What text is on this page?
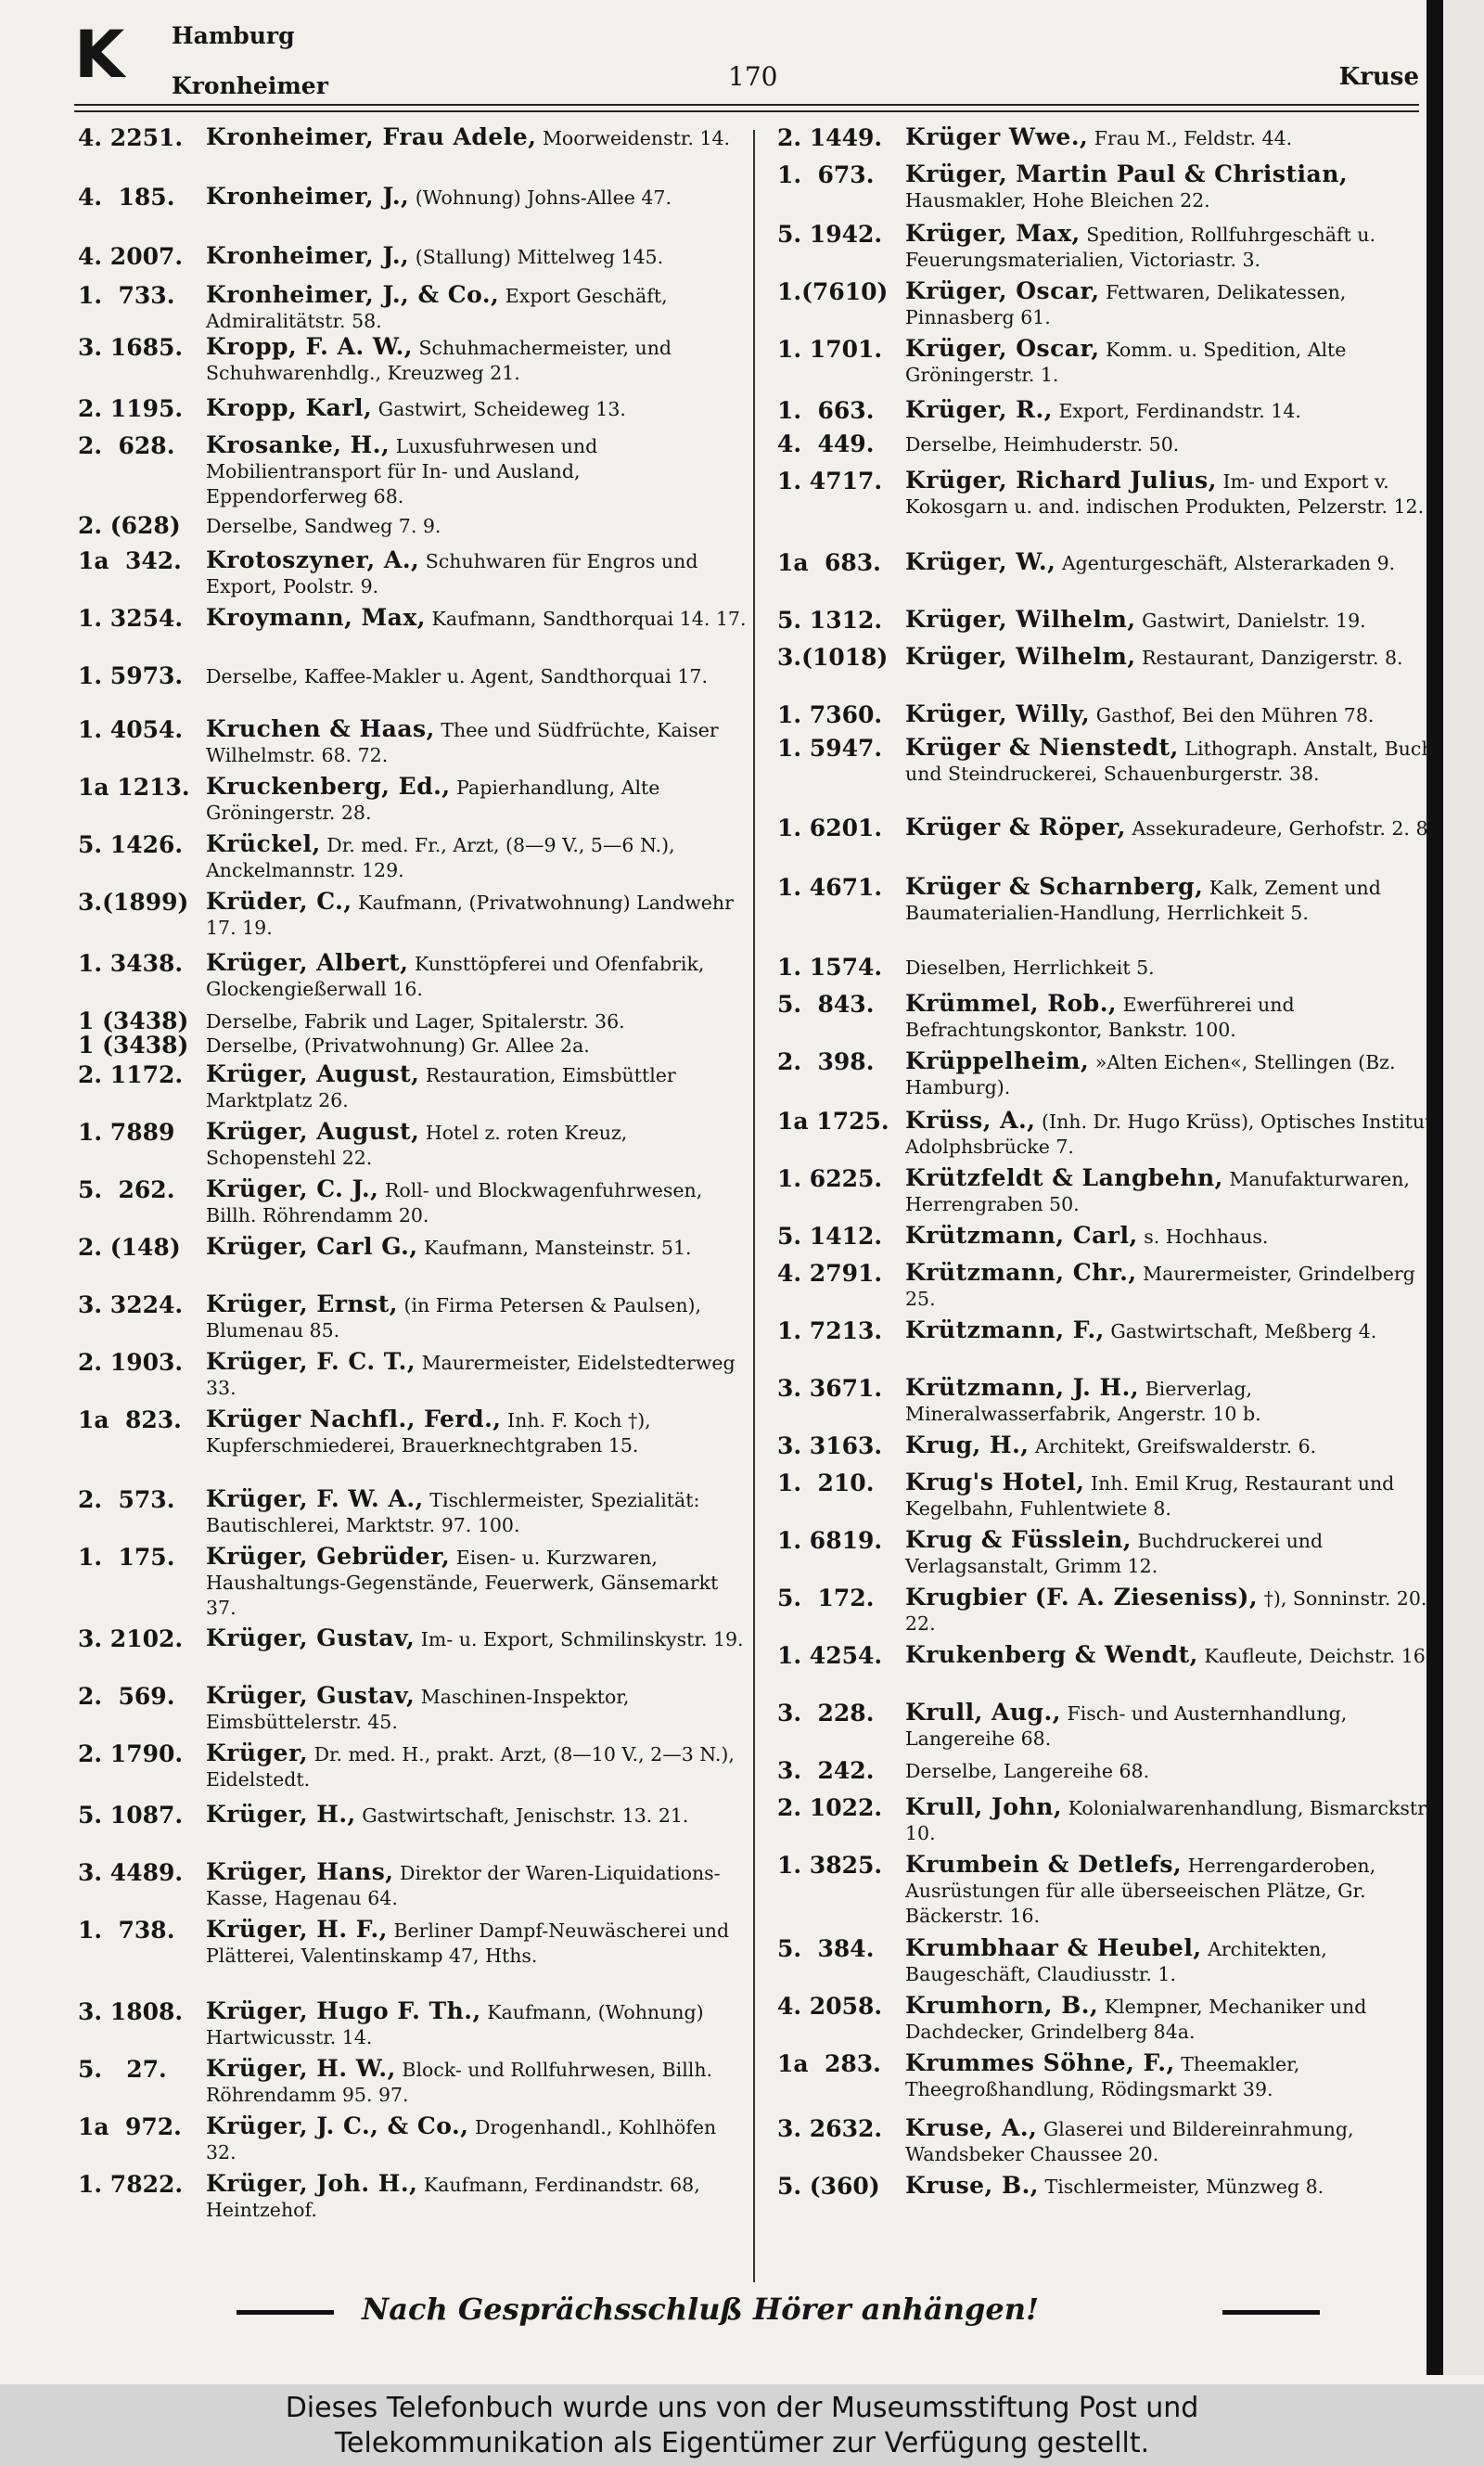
K Hamburg
Kronheimer	170	Kruse
4. 2251. Kronheimer, Frau Adele, Moorweidenstr. 14.
4.  185. Kronheimer, J., (Wohnung) Johns-Allee 47.
4. 2007. Kronheimer, J., (Stallung) Mittelweg 145.
1.  733. Kronheimer, J., & Co., Export Geschäft, Admiralitätstr. 58.
3. 1685. Kropp, F. A. W., Schuhmachermeister, und Schuhwarenhdlg., Kreuzweg 21.
2. 1195. Kropp, Karl, Gastwirt, Scheideweg 13.
2.  628. Krosanke, H., Luxusfuhrwesen und Mobilientransport für In- und Ausland, Eppendorferweg 68.
2. (628) Derselbe, Sandweg 7. 9.
1a  342. Krotoszyner, A., Schuhwaren für Engros und Export, Poolstr. 9.
1. 3254. Kroymann, Max, Kaufmann, Sandthorquai 14. 17.
1. 5973. Derselbe, Kaffee-Makler u. Agent, Sandthorquai 17.
1. 4054. Kruchen & Haas, Thee und Südfrüchte, Kaiser Wilhelmstr. 68. 72.
1a 1213. Kruckenberg, Ed., Papierhandlung, Alte Gröningerstr. 28.
5. 1426. Krückel, Dr. med. Fr., Arzt, (8—9 V., 5—6 N.), Anckelmannstr. 129.
3.(1899) Krüder, C., Kaufmann, (Privatwohnung) Landwehr 17. 19.
1. 3438. Krüger, Albert, Kunsttöpferei und Ofenfabrik, Glockengießerwall 16.
1 (3438) Derselbe, Fabrik und Lager, Spitalerstr. 36.
1 (3438) Derselbe, (Privatwohnung) Gr. Allee 2a.
2. 1172. Krüger, August, Restauration, Eimsbüttler Marktplatz 26.
1. 7889 Krüger, August, Hotel z. roten Kreuz, Schopenstehl 22.
5.  262. Krüger, C. J., Roll- und Blockwagenfuhrwesen, Billh. Röhrendamm 20.
2. (148) Krüger, Carl G., Kaufmann, Mansteinstr. 51.
3. 3224. Krüger, Ernst, (in Firma Petersen & Paulsen), Blumenau 85.
2. 1903. Krüger, F. C. T., Maurermeister, Eidelstedterweg 33.
1a  823. Krüger Nachfl., Ferd., Inh. F. Koch †), Kupferschmiederei, Brauerknechtgraben 15.
2.  573. Krüger, F. W. A., Tischlermeister, Spezialität: Bautischlerei, Marktstr. 97. 100.
1.  175. Krüger, Gebrüder, Eisen- u. Kurzwaren, Haushaltungs-Gegenstände, Feuerwerk, Gänsemarkt 37.
3. 2102. Krüger, Gustav, Im- u. Export, Schmilinskystr. 19.
2.  569. Krüger, Gustav, Maschinen-Inspektor, Eimsbüttelerstr. 45.
2. 1790. Krüger, Dr. med. H., prakt. Arzt, (8—10 V., 2—3 N.), Eidelstedt.
5. 1087. Krüger, H., Gastwirtschaft, Jenischstr. 13. 21.
3. 4489. Krüger, Hans, Direktor der Waren-Liquidations-Kasse, Hagenau 64.
1.  738. Krüger, H. F., Berliner Dampf-Neuwäscherei und Plätterei, Valentinskamp 47, Hths.
3. 1808. Krüger, Hugo F. Th., Kaufmann, (Wohnung) Hartwicusstr. 14.
5.   27. Krüger, H. W., Block- und Rollfuhrwesen, Billh. Röhrendamm 95. 97.
1a  972. Krüger, J. C., & Co., Drogenhandl., Kohlhöfen 32.
1. 7822. Krüger, Joh. H., Kaufmann, Ferdinandstr. 68, Heintzehof.
2. 1449. Krüger Wwe., Frau M., Feldstr. 44.
1.  673. Krüger, Martin Paul & Christian, Hausmakler, Hohe Bleichen 22.
5. 1942. Krüger, Max, Spedition, Rollfuhrgeschäft u. Feuerungsmaterialien, Victoriastr. 3.
1.(7610) Krüger, Oscar, Fettwaren, Delikatessen, Pinnasberg 61.
1. 1701. Krüger, Oscar, Komm. u. Spedition, Alte Gröningerstr. 1.
1.  663. Krüger, R., Export, Ferdinandstr. 14.
4.  449. Derselbe, Heimhuderstr. 50.
1. 4717. Krüger, Richard Julius, Im- und Export v. Kokosgarn u. and. indischen Produkten, Pelzerstr. 12.
1a  683. Krüger, W., Agenturgeschäft, Alsterarkaden 9.
5. 1312. Krüger, Wilhelm, Gastwirt, Danielstr. 19.
3.(1018) Krüger, Wilhelm, Restaurant, Danzigerstr. 8.
1. 7360. Krüger, Willy, Gasthof, Bei den Mühren 78.
1. 5947. Krüger & Nienstedt, Lithograph. Anstalt, Buch- und Steindruckerei, Schauenburgerstr. 38.
1. 6201. Krüger & Röper, Assekuradeure, Gerhofstr. 2. 8.
1. 4671. Krüger & Scharnberg, Kalk, Zement und Baumaterialien-Handlung, Herrlichkeit 5.
1. 1574. Dieselben, Herrlichkeit 5.
5.  843. Krümmel, Rob., Ewerführerei und Befrachtungskontor, Bankstr. 100.
2.  398. Krüppelheim, »Alten Eichen«, Stellingen (Bz. Hamburg).
1a 1725. Krüss, A., (Inh. Dr. Hugo Krüss), Optisches Institut, Adolphsbrücke 7.
1. 6225. Krützfeldt & Langbehn, Manufakturwaren, Herrengraben 50.
5. 1412. Krützmann, Carl, s. Hochhaus.
4. 2791. Krützmann, Chr., Maurermeister, Grindelberg 25.
1. 7213. Krützmann, F., Gastwirtschaft, Meßberg 4.
3. 3671. Krützmann, J. H., Bierverlag, Mineralwasserfabrik, Angerstr. 10 b.
3. 3163. Krug, H., Architekt, Greifswalderstr. 6.
1.  210. Krug's Hotel, Inh. Emil Krug, Restaurant und Kegelbahn, Fuhlentwiete 8.
1. 6819. Krug & Füsslein, Buchdruckerei und Verlagsanstalt, Grimm 12.
5.  172. Krugbier (F. A. Zieseniss), †), Sonninstr. 20. 22.
1. 4254. Krukenberg & Wendt, Kaufleute, Deichstr. 16.
3.  228. Krull, Aug., Fisch- und Austernhandlung, Langereihe 68.
3.  242. Derselbe, Langereihe 68.
2. 1022. Krull, John, Kolonialwarenhandlung, Bismarckstr. 10.
1. 3825. Krumbein & Detlefs, Herrengarderoben, Ausrüstungen für alle überseeischen Plätze, Gr. Bäckerstr. 16.
5.  384. Krumbhaar & Heubel, Architekten, Baugeschäft, Claudiusstr. 1.
4. 2058. Krumhorn, B., Klempner, Mechaniker und Dachdecker, Grindelberg 84a.
1a  283. Krummes Söhne, F., Theemakler, Theegroßhandlung, Rödingsmarkt 39.
3. 2632. Kruse, A., Glaserei und Bildereinrahmung, Wandsbeker Chaussee 20.
5. (360) Kruse, B., Tischlermeister, Münzweg 8.
Nach Gesprächsschluß Hörer anhängen!
Dieses Telefonbuch wurde uns von der Museumsstiftung Post und
Telekommunikation als Eigentümer zur Verfügung gestellt.
